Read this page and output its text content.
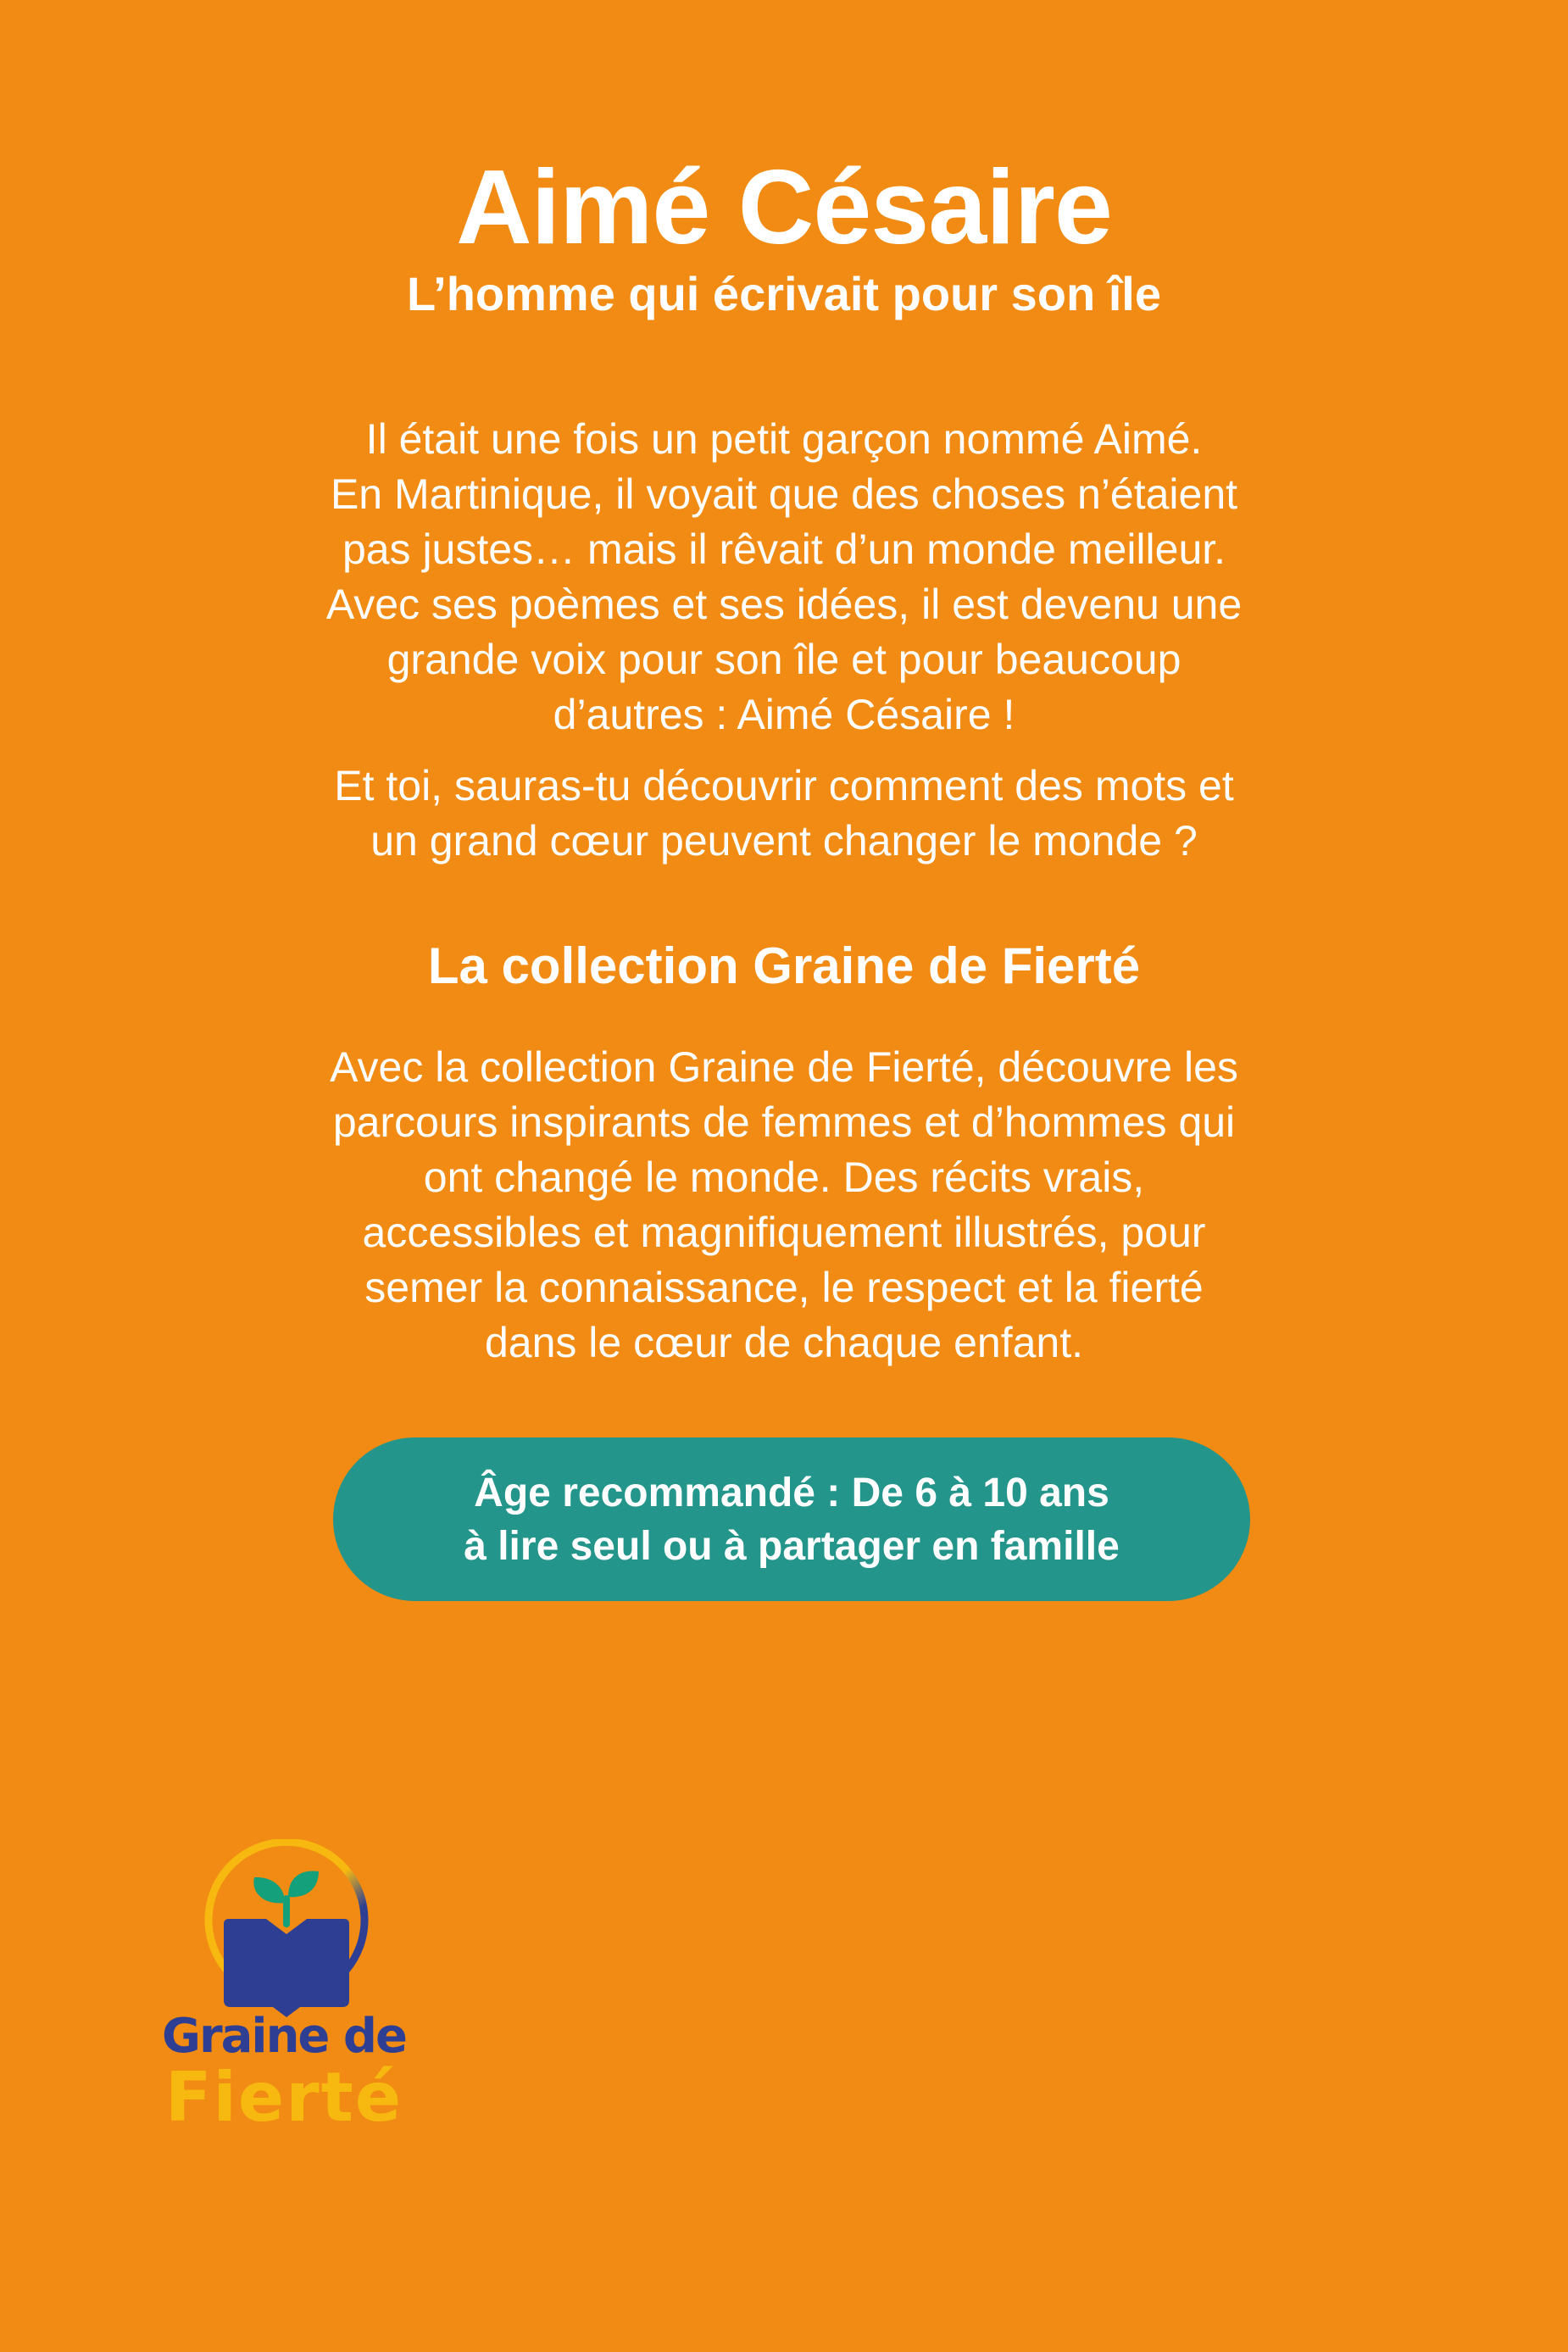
Aimé Césaire
L’homme qui écrivait pour son île
Il était une fois un petit garçon nommé Aimé.
En Martinique, il voyait que des choses n’étaient
pas justes… mais il rêvait d’un monde meilleur.
Avec ses poèmes et ses idées, il est devenu une
grande voix pour son île et pour beaucoup
d’autres : Aimé Césaire !
Et toi, sauras-tu découvrir comment des mots et
un grand cœur peuvent changer le monde ?
La collection Graine de Fierté
Avec la collection Graine de Fierté, découvre les
parcours inspirants de femmes et d’hommes qui
ont changé le monde. Des récits vrais,
accessibles et magnifiquement illustrés, pour
semer la connaissance, le respect et la fierté
dans le cœur de chaque enfant.
Âge recommandé : De 6 à 10 ans
à lire seul ou à partager en famille
Graine de
Fierté
